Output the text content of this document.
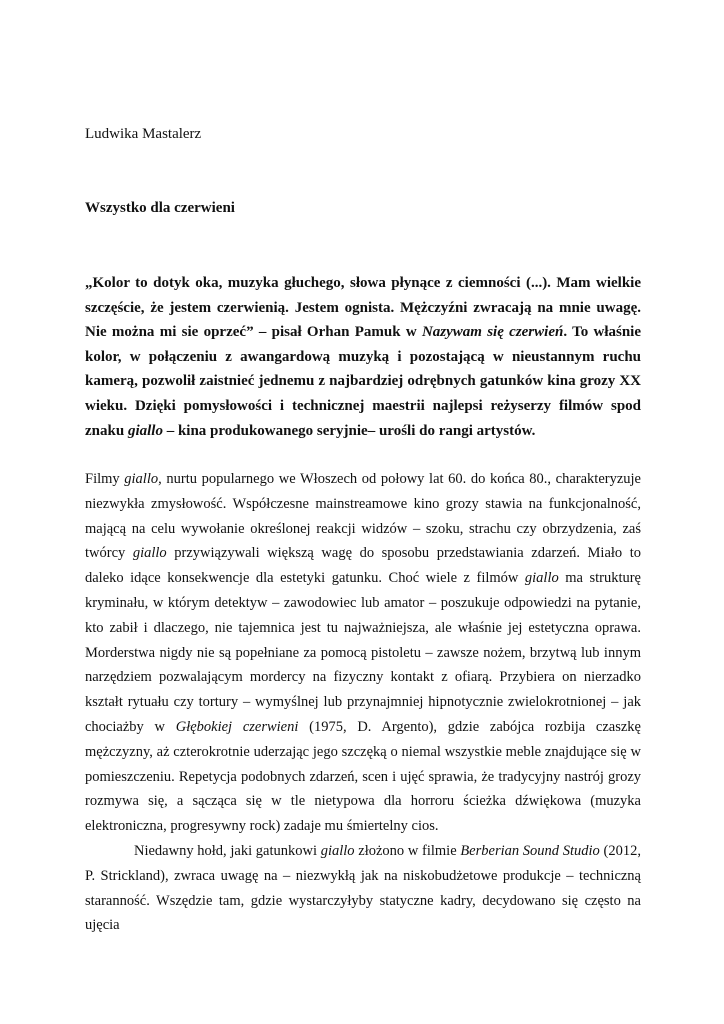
Ludwika Mastalerz

Wszystko dla czerwieni

„Kolor to dotyk oka, muzyka głuchego, słowa płynące z ciemności (...). Mam wielkie szczęście, że jestem czerwienią. Jestem ognista. Mężczyźni zwracają na mnie uwagę. Nie można mi sie oprzeć” – pisał Orhan Pamuk w Nazywam się czerwień. To właśnie kolor, w połączeniu z awangardową muzyką i pozostającą w nieustannym ruchu kamerą, pozwolił zaistnieć jednemu z najbardziej odrębnych gatunków kina grozy XX wieku. Dzięki pomysłowości i technicznej maestrii najlepsi reżyserzy filmów spod znaku giallo – kina produkowanego seryjnie– urośli do rangi artystów.

Filmy giallo, nurtu popularnego we Włoszech od połowy lat 60. do końca 80., charakteryzuje niezwykła zmysłowość. Współczesne mainstreamowe kino grozy stawia na funkcjonalność, mającą na celu wywołanie określonej reakcji widzów – szoku, strachu czy obrzydzenia, zaś twórcy giallo przywiązywali większą wagę do sposobu przedstawiania zdarzeń. Miało to daleko idące konsekwencje dla estetyki gatunku. Choć wiele z filmów giallo ma strukturę kryminału, w którym detektyw – zawodowiec lub amator – poszukuje odpowiedzi na pytanie, kto zabił i dlaczego, nie tajemnica jest tu najważniejsza, ale właśnie jej estetyczna oprawa. Morderstwa nigdy nie są popełniane za pomocą pistoletu – zawsze nożem, brzytwą lub innym narzędziem pozwalającym mordercy na fizyczny kontakt z ofiarą. Przybiera on nierzadko kształt rytuału czy tortury – wymyślnej lub przynajmniej hipnotycznie zwielokrotnionej – jak chociażby w Głębokiej czerwieni (1975, D. Argento), gdzie zabójca rozbija czaszkę mężczyzny, aż czterokrotnie uderzając jego szczęką o niemal wszystkie meble znajdujące się w pomieszczeniu. Repetycja podobnych zdarzeń, scen i ujęć sprawia, że tradycyjny nastrój grozy rozmywa się, a sącząca się w tle nietypowa dla horroru ścieżka dźwiękowa (muzyka elektroniczna, progresywny rock) zadaje mu śmiertelny cios.

Niedawny hołd, jaki gatunkowi giallo złożono w filmie Berberian Sound Studio (2012, P. Strickland), zwraca uwagę na – niezwykłą jak na niskobudżetowe produkcje – techniczną staranność. Wszędzie tam, gdzie wystarczyłyby statyczne kadry, decydowano się często na ujęcia
